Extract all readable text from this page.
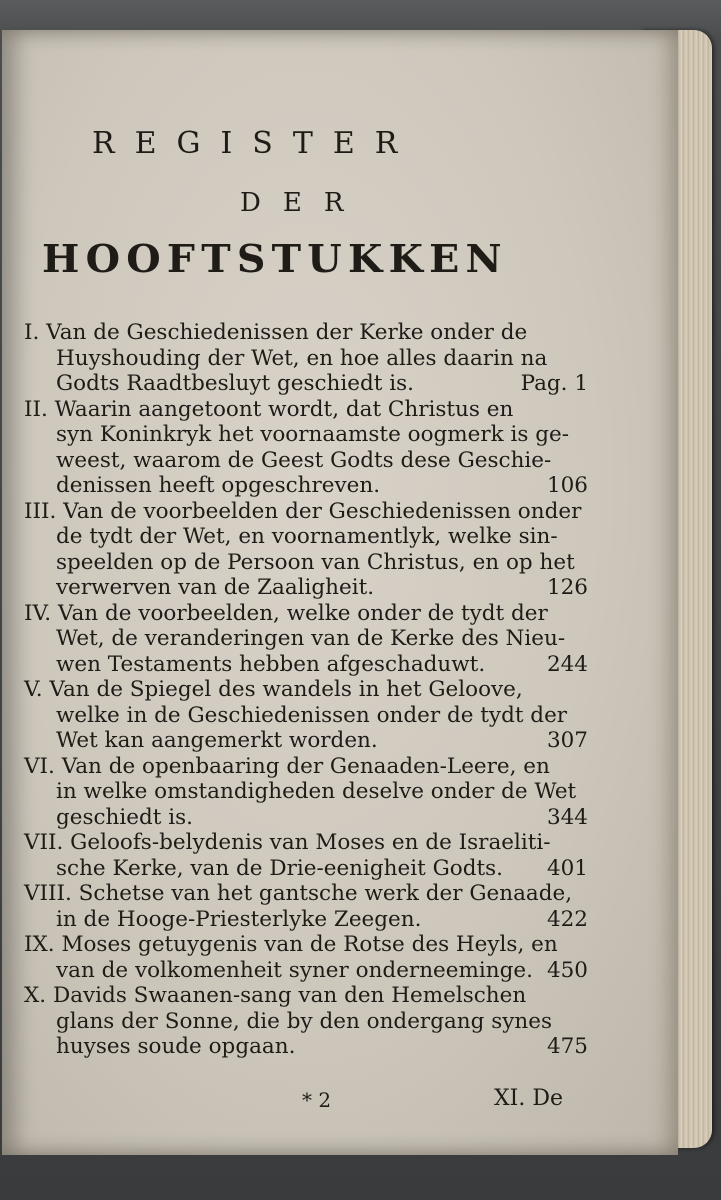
REGISTER
DER
HOOFTSTUKKEN
I. Van de Geschiedenissen der Kerke onder de
Huyshouding der Wet, en hoe alles daarin na
Godts Raadtbesluyt geschiedt is.	Pag. 1
II. Waarin aangetoont wordt, dat Christus en
syn Koninkryk het voornaamste oogmerk is ge-
weest, waarom de Geest Godts dese Geschie-
denissen heeft opgeschreven.	106
III. Van de voorbeelden der Geschiedenissen onder
de tydt der Wet, en voornamentlyk, welke sin-
speelden op de Persoon van Christus, en op het
verwerven van de Zaaligheit.	126
IV. Van de voorbeelden, welke onder de tydt der
Wet, de veranderingen van de Kerke des Nieu-
wen Testaments hebben afgeschaduwt.	244
V. Van de Spiegel des wandels in het Geloove,
welke in de Geschiedenissen onder de tydt der
Wet kan aangemerkt worden.	307
VI. Van de openbaaring der Genaaden-Leere, en
in welke omstandigheden deselve onder de Wet
geschiedt is.	344
VII. Geloofs-belydenis van Moses en de Israeliti-
sche Kerke, van de Drie-eenigheit Godts. 401
VIII. Schetse van het gantsche werk der Genaade,
in de Hooge-Priesterlyke Zeegen.	422
IX. Moses getuygenis van de Rotse des Heyls, en
van de volkomenheit syner onderneeminge. 450
X. Davids Swaanen-sang van den Hemelschen
glans der Sonne, die by den ondergang synes
huyses soude opgaan.	475
* 2	XI. De
